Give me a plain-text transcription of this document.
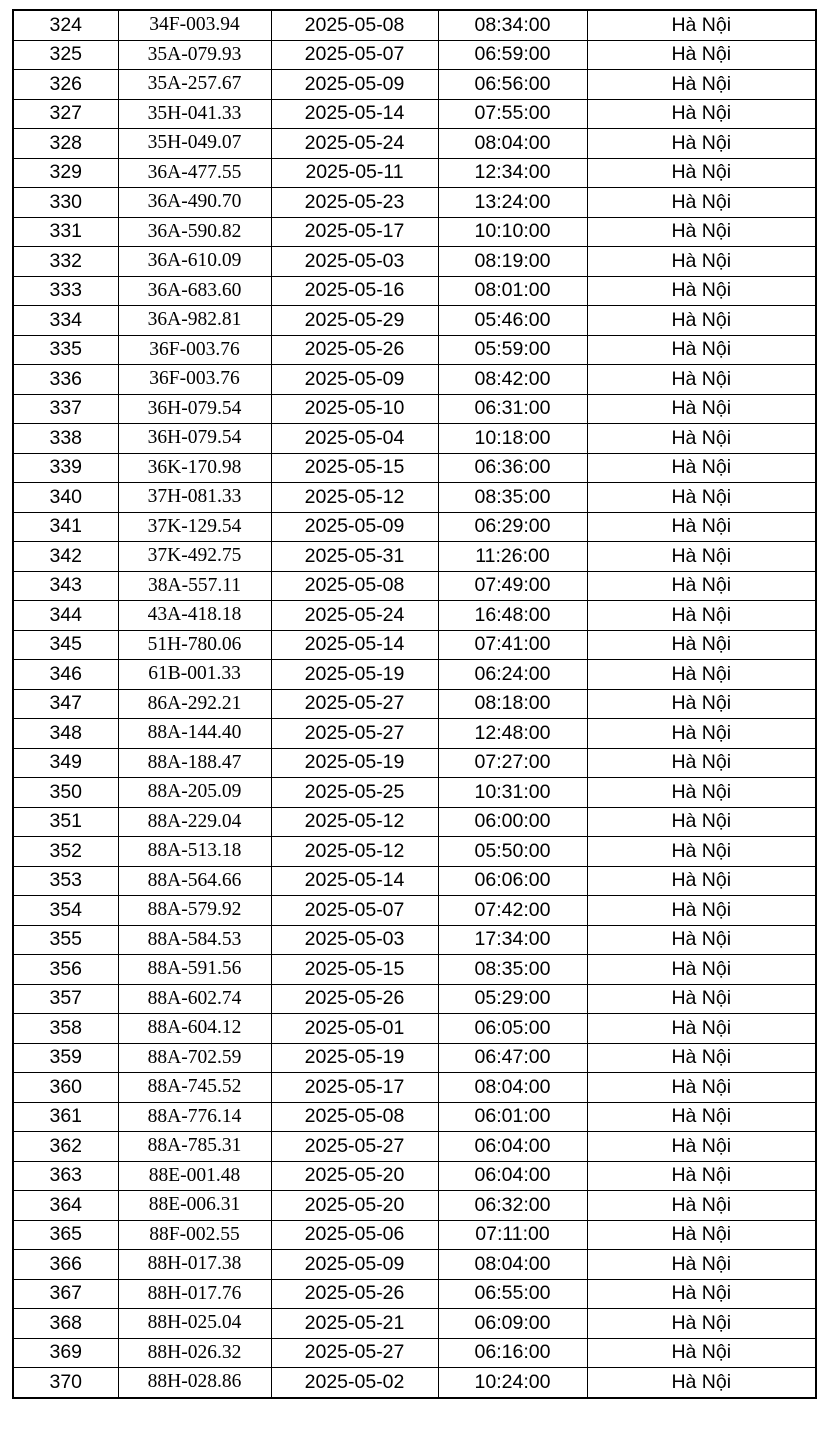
324	34F-003.94	2025-05-08	08:34:00	Hà Nội
325	35A-079.93	2025-05-07	06:59:00	Hà Nội
326	35A-257.67	2025-05-09	06:56:00	Hà Nội
327	35H-041.33	2025-05-14	07:55:00	Hà Nội
328	35H-049.07	2025-05-24	08:04:00	Hà Nội
329	36A-477.55	2025-05-11	12:34:00	Hà Nội
330	36A-490.70	2025-05-23	13:24:00	Hà Nội
331	36A-590.82	2025-05-17	10:10:00	Hà Nội
332	36A-610.09	2025-05-03	08:19:00	Hà Nội
333	36A-683.60	2025-05-16	08:01:00	Hà Nội
334	36A-982.81	2025-05-29	05:46:00	Hà Nội
335	36F-003.76	2025-05-26	05:59:00	Hà Nội
336	36F-003.76	2025-05-09	08:42:00	Hà Nội
337	36H-079.54	2025-05-10	06:31:00	Hà Nội
338	36H-079.54	2025-05-04	10:18:00	Hà Nội
339	36K-170.98	2025-05-15	06:36:00	Hà Nội
340	37H-081.33	2025-05-12	08:35:00	Hà Nội
341	37K-129.54	2025-05-09	06:29:00	Hà Nội
342	37K-492.75	2025-05-31	11:26:00	Hà Nội
343	38A-557.11	2025-05-08	07:49:00	Hà Nội
344	43A-418.18	2025-05-24	16:48:00	Hà Nội
345	51H-780.06	2025-05-14	07:41:00	Hà Nội
346	61B-001.33	2025-05-19	06:24:00	Hà Nội
347	86A-292.21	2025-05-27	08:18:00	Hà Nội
348	88A-144.40	2025-05-27	12:48:00	Hà Nội
349	88A-188.47	2025-05-19	07:27:00	Hà Nội
350	88A-205.09	2025-05-25	10:31:00	Hà Nội
351	88A-229.04	2025-05-12	06:00:00	Hà Nội
352	88A-513.18	2025-05-12	05:50:00	Hà Nội
353	88A-564.66	2025-05-14	06:06:00	Hà Nội
354	88A-579.92	2025-05-07	07:42:00	Hà Nội
355	88A-584.53	2025-05-03	17:34:00	Hà Nội
356	88A-591.56	2025-05-15	08:35:00	Hà Nội
357	88A-602.74	2025-05-26	05:29:00	Hà Nội
358	88A-604.12	2025-05-01	06:05:00	Hà Nội
359	88A-702.59	2025-05-19	06:47:00	Hà Nội
360	88A-745.52	2025-05-17	08:04:00	Hà Nội
361	88A-776.14	2025-05-08	06:01:00	Hà Nội
362	88A-785.31	2025-05-27	06:04:00	Hà Nội
363	88E-001.48	2025-05-20	06:04:00	Hà Nội
364	88E-006.31	2025-05-20	06:32:00	Hà Nội
365	88F-002.55	2025-05-06	07:11:00	Hà Nội
366	88H-017.38	2025-05-09	08:04:00	Hà Nội
367	88H-017.76	2025-05-26	06:55:00	Hà Nội
368	88H-025.04	2025-05-21	06:09:00	Hà Nội
369	88H-026.32	2025-05-27	06:16:00	Hà Nội
370	88H-028.86	2025-05-02	10:24:00	Hà Nội
